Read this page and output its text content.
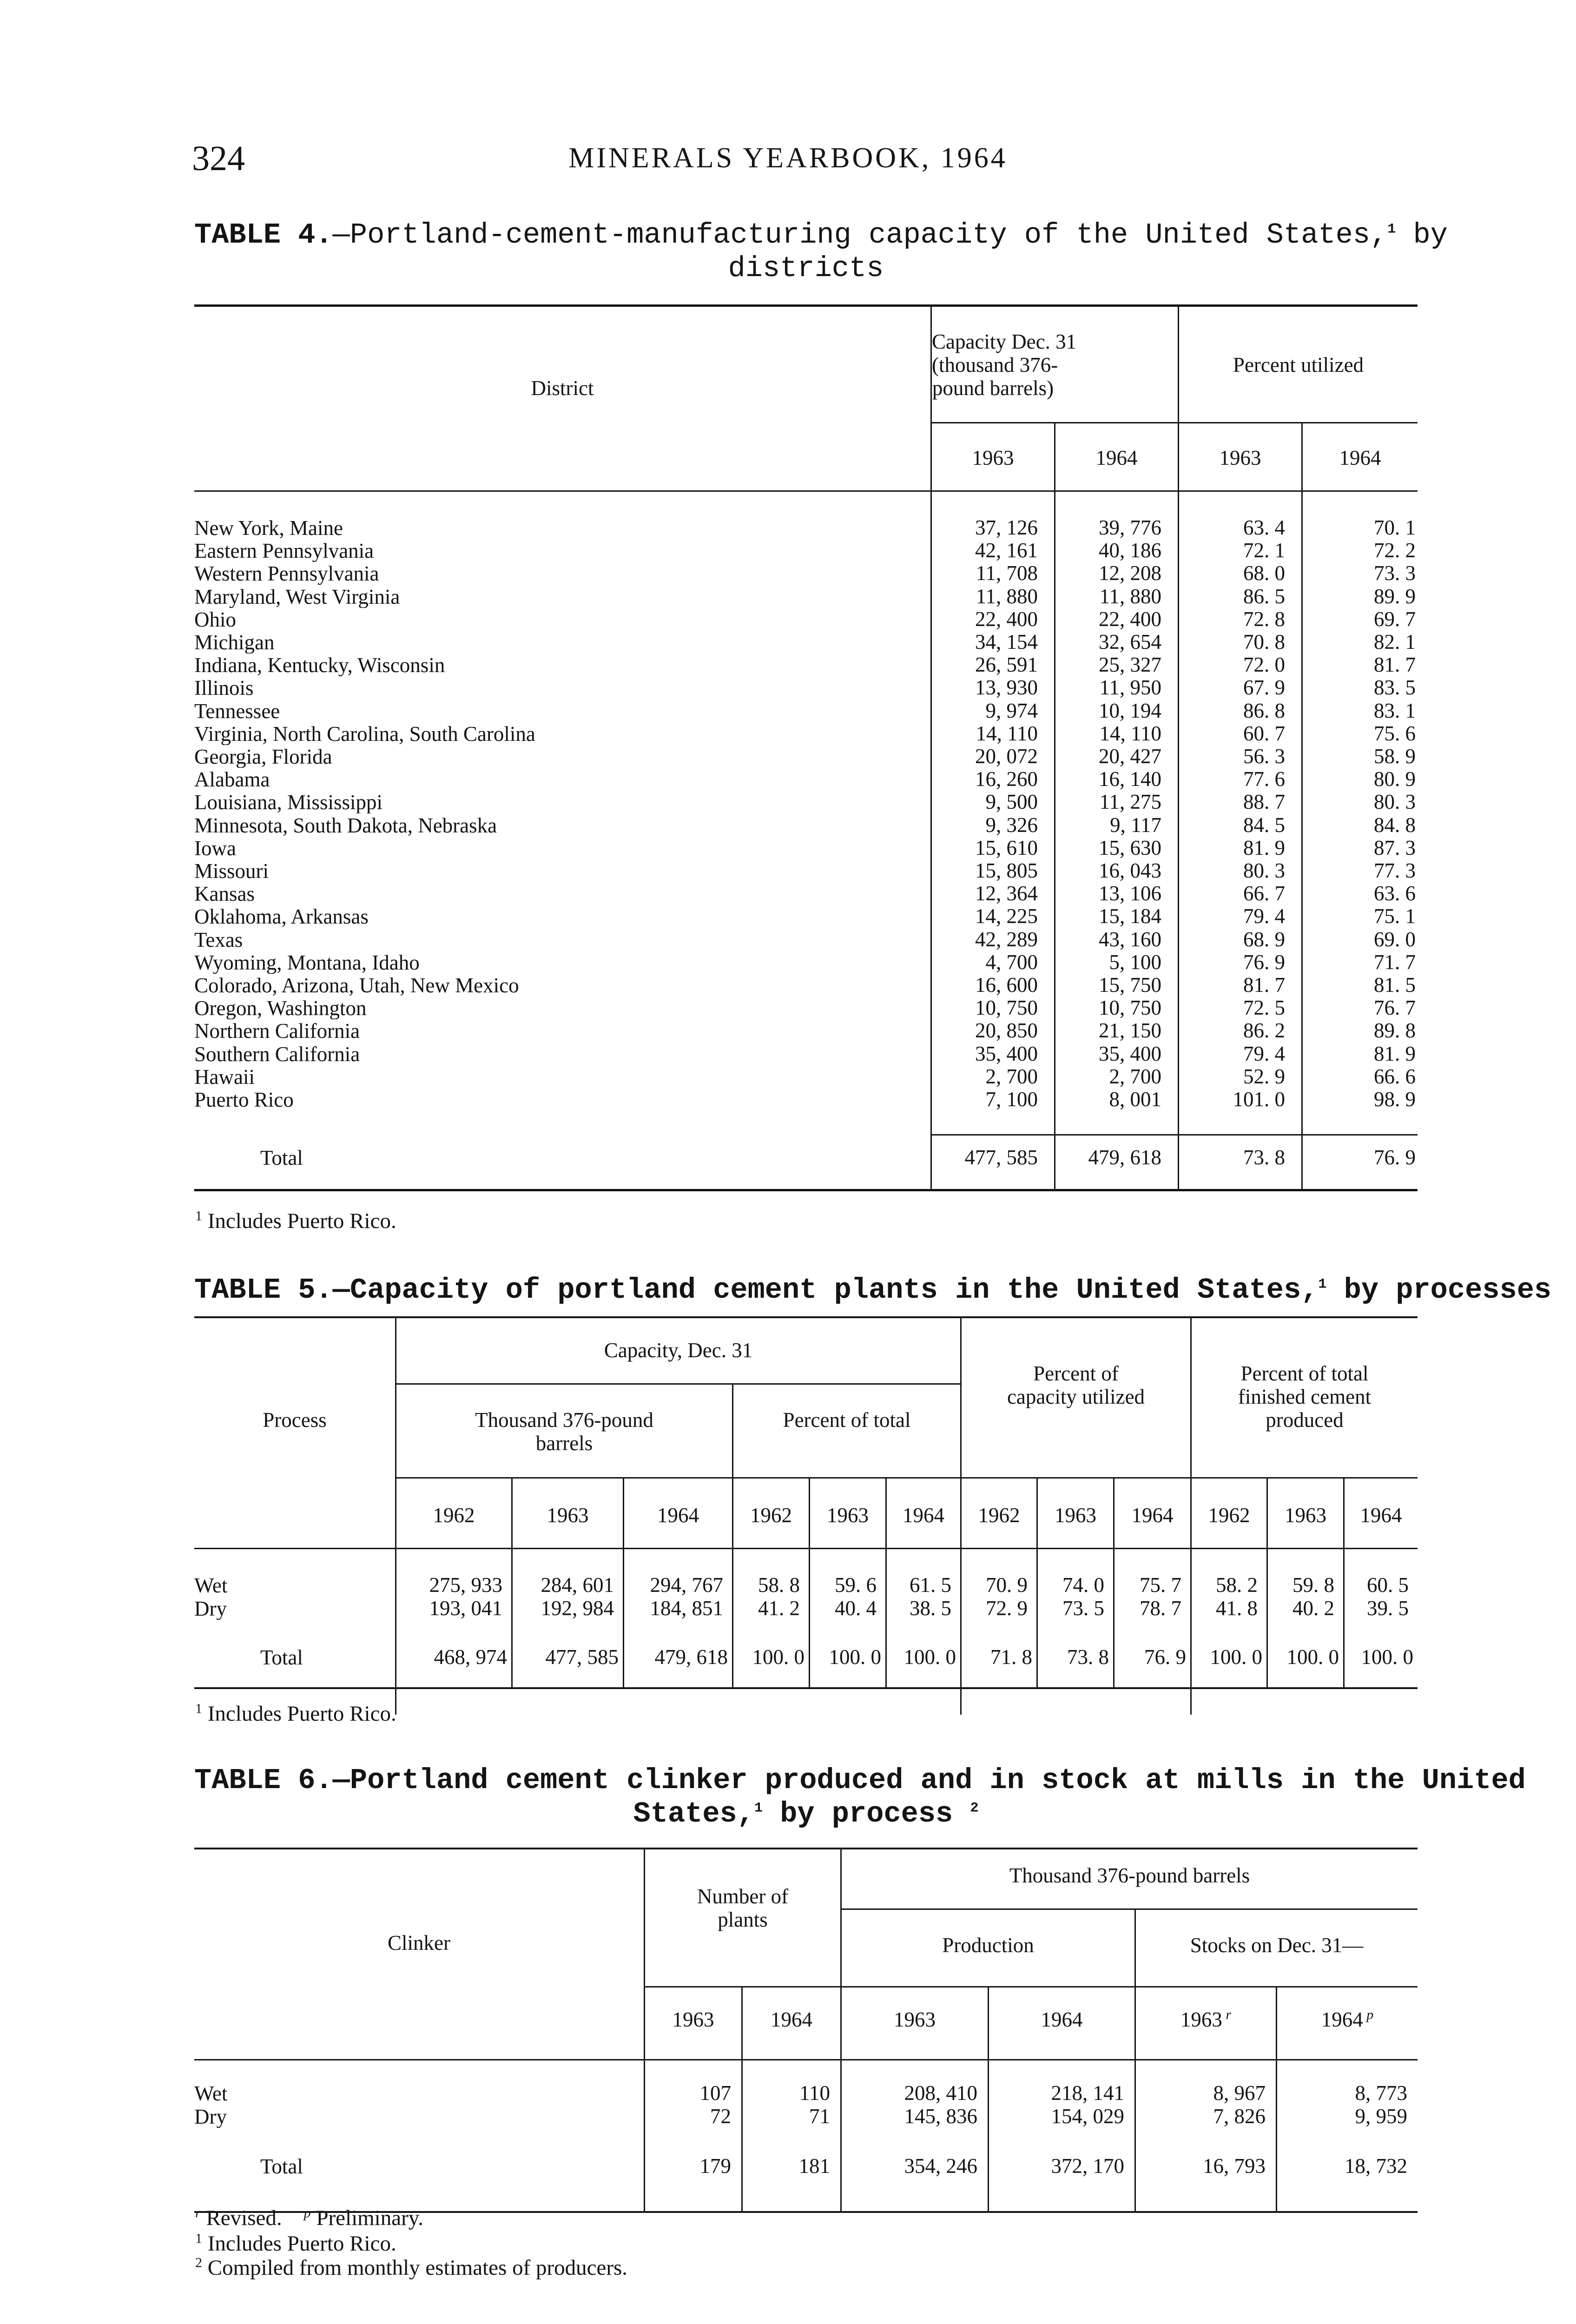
324	MINERALS YEARBOOK, 1964
TABLE 4.—Portland-cement-manufacturing capacity of the United States,$^1$ by
districts
District
Capacity Dec. 31
(thousand 376-
pound barrels)
Percent utilized
1963	1964	1963	1964
New York, Maine	37, 126	39, 776	63. 4	70. 1
Eastern Pennsylvania	42, 161	40, 186	72. 1	72. 2
Western Pennsylvania	11, 708	12, 208	68. 0	73. 3
Maryland, West Virginia	11, 880	11, 880	86. 5	89. 9
Ohio	22, 400	22, 400	72. 8	69. 7
Michigan	34, 154	32, 654	70. 8	82. 1
Indiana, Kentucky, Wisconsin	26, 591	25, 327	72. 0	81. 7
Illinois	13, 930	11, 950	67. 9	83. 5
Tennessee	9, 974	10, 194	86. 8	83. 1
Virginia, North Carolina, South Carolina	14, 110	14, 110	60. 7	75. 6
Georgia, Florida	20, 072	20, 427	56. 3	58. 9
Alabama	16, 260	16, 140	77. 6	80. 9
Louisiana, Mississippi	9, 500	11, 275	88. 7	80. 3
Minnesota, South Dakota, Nebraska	9, 326	9, 117	84. 5	84. 8
Iowa	15, 610	15, 630	81. 9	87. 3
Missouri	15, 805	16, 043	80. 3	77. 3
Kansas	12, 364	13, 106	66. 7	63. 6
Oklahoma, Arkansas	14, 225	15, 184	79. 4	75. 1
Texas	42, 289	43, 160	68. 9	69. 0
Wyoming, Montana, Idaho	4, 700	5, 100	76. 9	71. 7
Colorado, Arizona, Utah, New Mexico	16, 600	15, 750	81. 7	81. 5
Oregon, Washington	10, 750	10, 750	72. 5	76. 7
Northern California	20, 850	21, 150	86. 2	89. 8
Southern California	35, 400	35, 400	79. 4	81. 9
Hawaii	2, 700	2, 700	52. 9	66. 6
Puerto Rico	7, 100	8, 001	101. 0	98. 9
Total	477, 585	479, 618	73. 8	76. 9
$^1$ Includes Puerto Rico.
TABLE 5.—Capacity of portland cement plants in the United States,$^1$ by processes
Process
Capacity, Dec. 31
Thousand 376-pound
barrels
Percent of total
Percent of
capacity utilized
Percent of total
finished cement
produced
1962	1963	1964	1962	1963	1964	1962	1963	1964	1962	1963	1964
Wet	275, 933	284, 601	294, 767	58. 8	59. 6	61. 5	70. 9	74. 0	75. 7	58. 2	59. 8	60. 5
Dry	193, 041	192, 984	184, 851	41. 2	40. 4	38. 5	72. 9	73. 5	78. 7	41. 8	40. 2	39. 5
Total	468, 974	477, 585	479, 618	100. 0	100. 0	100. 0	71. 8	73. 8	76. 9	100. 0	100. 0	100. 0
$^1$ Includes Puerto Rico.
TABLE 6.—Portland cement clinker produced and in stock at mills in the United
States,$^1$ by process $^2$
Clinker
Number of
plants
Thousand 376-pound barrels
Production	Stocks on Dec. 31—
1963	1964	1963	1964	1963 $^r$	1964 $^p$
Wet	107	110	208, 410	218, 141	8, 967	8, 773
Dry	72	71	145, 836	154, 029	7, 826	9, 959
Total	179	181	354, 246	372, 170	16, 793	18, 732
$^r$ Revised. $^p$ Preliminary.
$^1$ Includes Puerto Rico.
$^2$ Compiled from monthly estimates of producers.
